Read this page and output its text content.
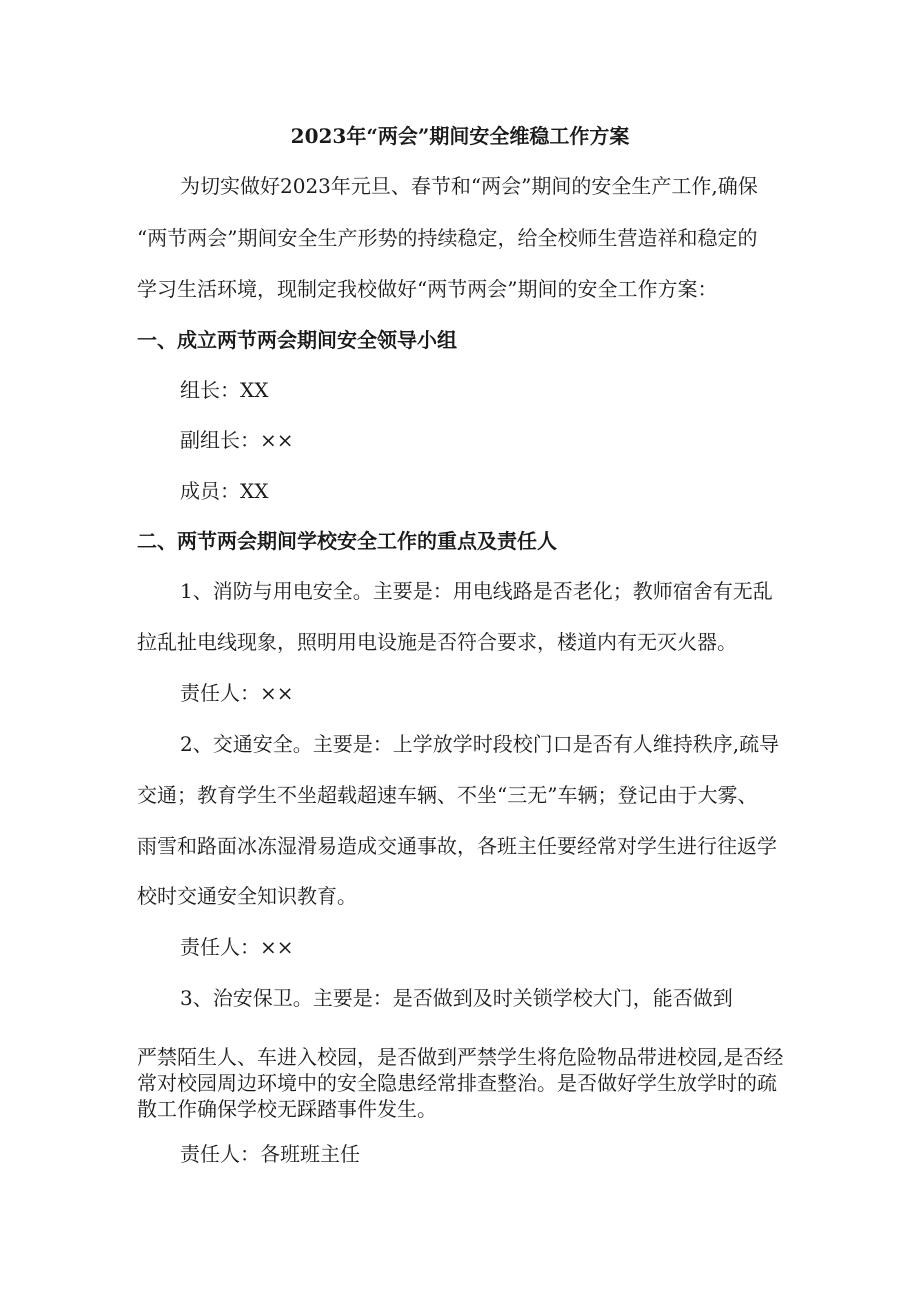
2023年“两会”期间安全维稳工作方案
为切实做好2023年元旦、春节和“两会”期间的安全生产工作,确保
“两节两会”期间安全生产形势的持续稳定，给全校师生营造祥和稳定的
学习生活环境，现制定我校做好“两节两会”期间的安全工作方案：
一、成立两节两会期间安全领导小组
组长：XX
副组长：××
成员：XX
二、两节两会期间学校安全工作的重点及责任人
1、消防与用电安全。主要是：用电线路是否老化；教师宿舍有无乱
拉乱扯电线现象，照明用电设施是否符合要求，楼道内有无灭火器。
责任人：××
2、交通安全。主要是：上学放学时段校门口是否有人维持秩序,疏导
交通；教育学生不坐超载超速车辆、不坐“三无”车辆；登记由于大雾、
雨雪和路面冰冻湿滑易造成交通事故，各班主任要经常对学生进行往返学
校时交通安全知识教育。
责任人：××
3、治安保卫。主要是：是否做到及时关锁学校大门，能否做到
严禁陌生人、车进入校园，是否做到严禁学生将危险物品带进校园,是否经
常对校园周边环境中的安全隐患经常排查整治。是否做好学生放学时的疏
散工作确保学校无踩踏事件发生。
责任人：各班班主任
